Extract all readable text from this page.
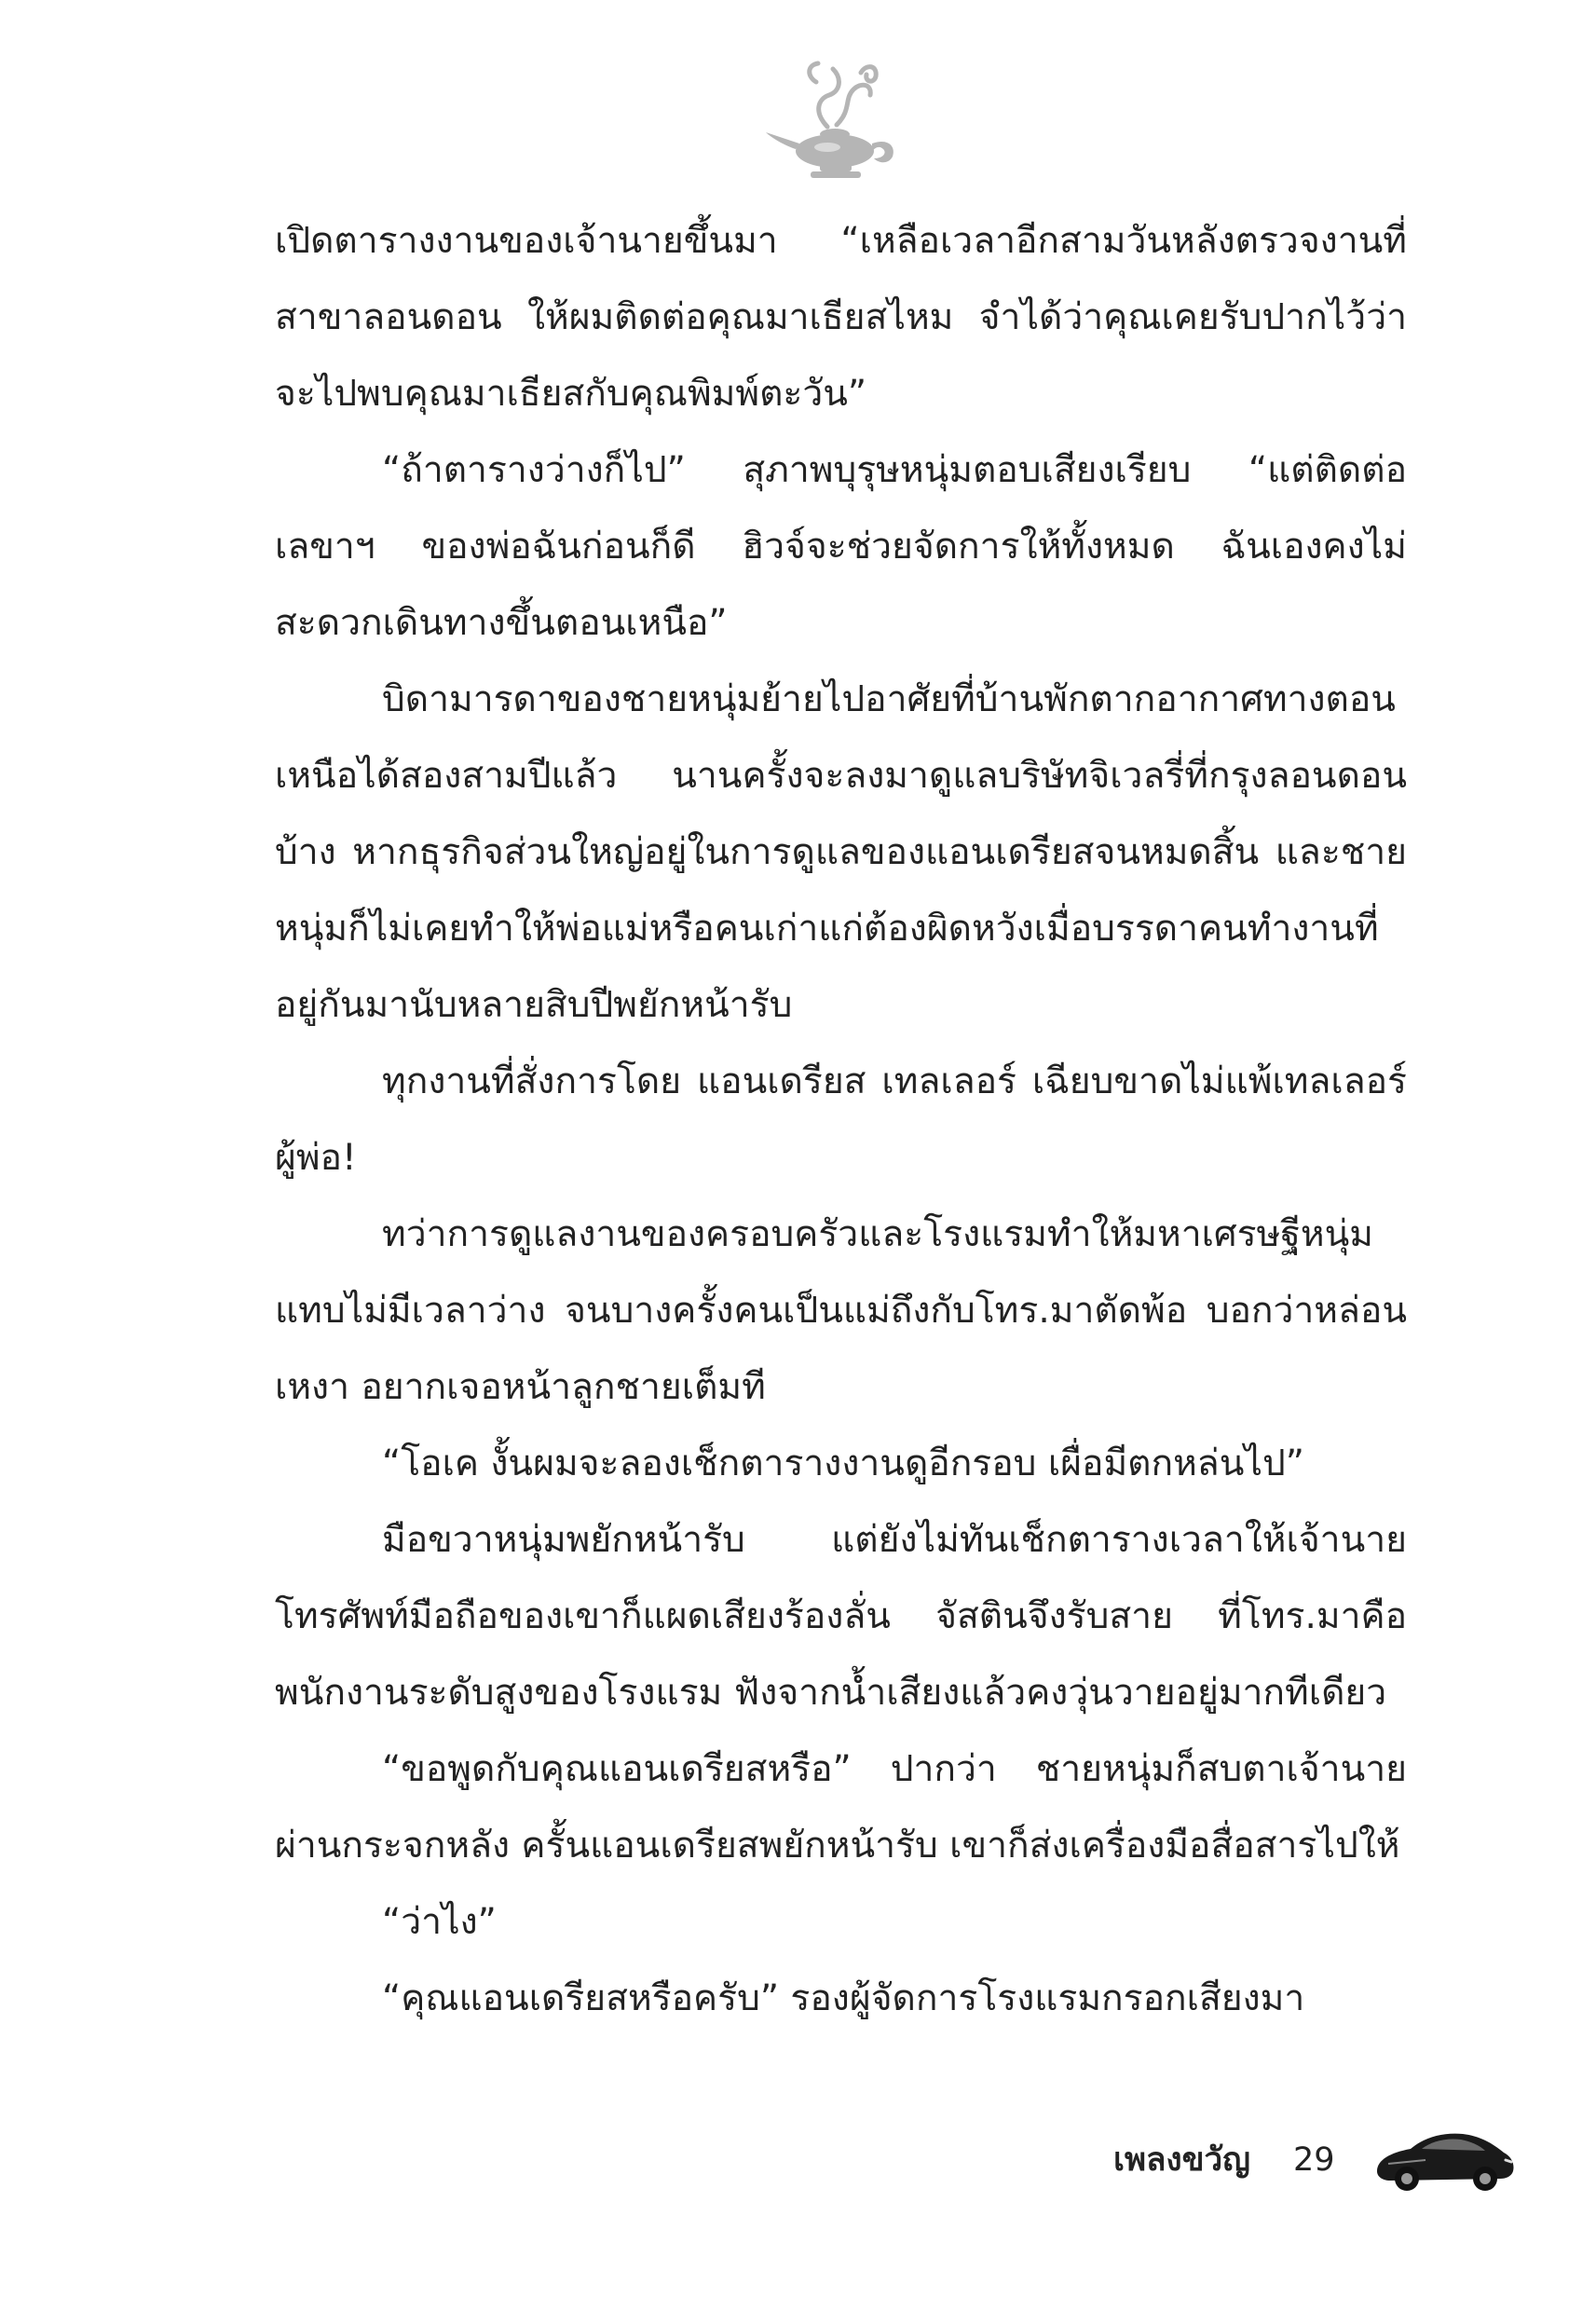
เปิดตารางงานของเจ้านายขึ้นมา “เหลือเวลาอีกสามวันหลังตรวจงานที่สาขาลอนดอน ให้ผมติดต่อคุณมาเธียสไหม จำได้ว่าคุณเคยรับปากไว้ว่าจะไปพบคุณมาเธียสกับคุณพิมพ์ตะวัน”

“ถ้าตารางว่างก็ไป” สุภาพบุรุษหนุ่มตอบเสียงเรียบ “แต่ติดต่อเลขาฯ ของพ่อฉันก่อนก็ดี ฮิวจ์จะช่วยจัดการให้ทั้งหมด ฉันเองคงไม่สะดวกเดินทางขึ้นตอนเหนือ”

บิดามารดาของชายหนุ่มย้ายไปอาศัยที่บ้านพักตากอากาศทางตอนเหนือได้สองสามปีแล้ว นานครั้งจะลงมาดูแลบริษัทจิเวลรี่ที่กรุงลอนดอนบ้าง หากธุรกิจส่วนใหญ่อยู่ในการดูแลของแอนเดรียสจนหมดสิ้น และชายหนุ่มก็ไม่เคยทำให้พ่อแม่หรือคนเก่าแก่ต้องผิดหวังเมื่อบรรดาคนทำงานที่อยู่กันมานับหลายสิบปีพยักหน้ารับ

ทุกงานที่สั่งการโดย แอนเดรียส เทลเลอร์ เฉียบขาดไม่แพ้เทลเลอร์ผู้พ่อ!

ทว่าการดูแลงานของครอบครัวและโรงแรมทำให้มหาเศรษฐีหนุ่มแทบไม่มีเวลาว่าง จนบางครั้งคนเป็นแม่ถึงกับโทร.มาตัดพ้อ บอกว่าหล่อนเหงา อยากเจอหน้าลูกชายเต็มที

“โอเค งั้นผมจะลองเช็กตารางงานดูอีกรอบ เผื่อมีตกหล่นไป”

มือขวาหนุ่มพยักหน้ารับ แต่ยังไม่ทันเช็กตารางเวลาให้เจ้านายโทรศัพท์มือถือของเขาก็แผดเสียงร้องลั่น จัสตินจึงรับสาย ที่โทร.มาคือพนักงานระดับสูงของโรงแรม ฟังจากน้ำเสียงแล้วคงวุ่นวายอยู่มากทีเดียว

“ขอพูดกับคุณแอนเดรียสหรือ” ปากว่า ชายหนุ่มก็สบตาเจ้านายผ่านกระจกหลัง ครั้นแอนเดรียสพยักหน้ารับ เขาก็ส่งเครื่องมือสื่อสารไปให้

“ว่าไง”

“คุณแอนเดรียสหรือครับ” รองผู้จัดการโรงแรมกรอกเสียงมา

เพลงขวัญ 29
